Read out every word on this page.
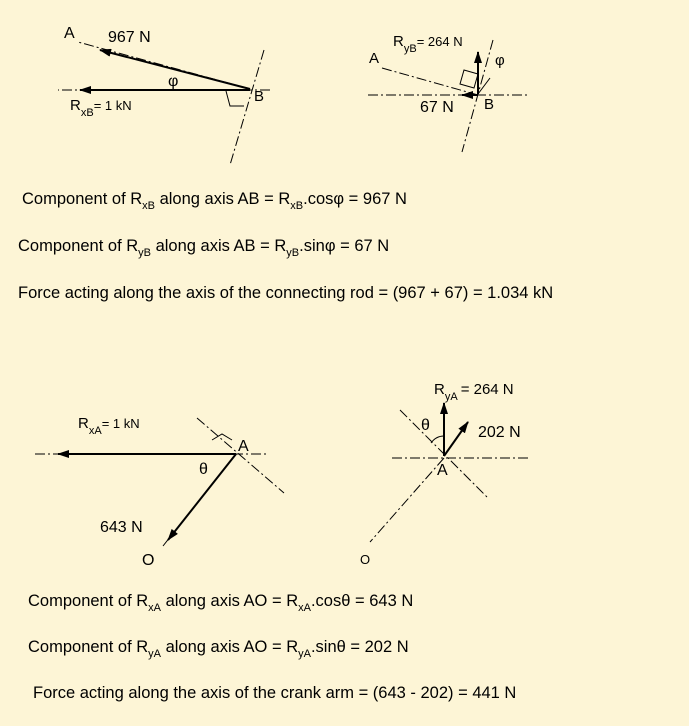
A 967 N
φ
B
$R_{xB}= 1$ kN
A
$R_{yB}= 264$ N
φ
67 N B
$R_{xA}= 1$ kN
A
θ
643 N
O
$R_{yA} = 264$ N
θ	202 N
A
O
Component of $R_{xB}$ along axis AB = $R_{xB}.\cos\varphi = 967$ N
Component of $R_{yB}$ along axis AB = $R_{yB}.\sin\varphi = 67$ N
Force acting along the axis of the connecting rod = (967 + 67) = 1.034 kN
Component of $R_{xA}$ along axis AO = $R_{xA}.\cos\theta = 643$ N
Component of $R_{yA}$ along axis AO = $R_{yA}.\sin\theta = 202$ N
Force acting along the axis of the crank arm = (643 - 202) = 441 N
